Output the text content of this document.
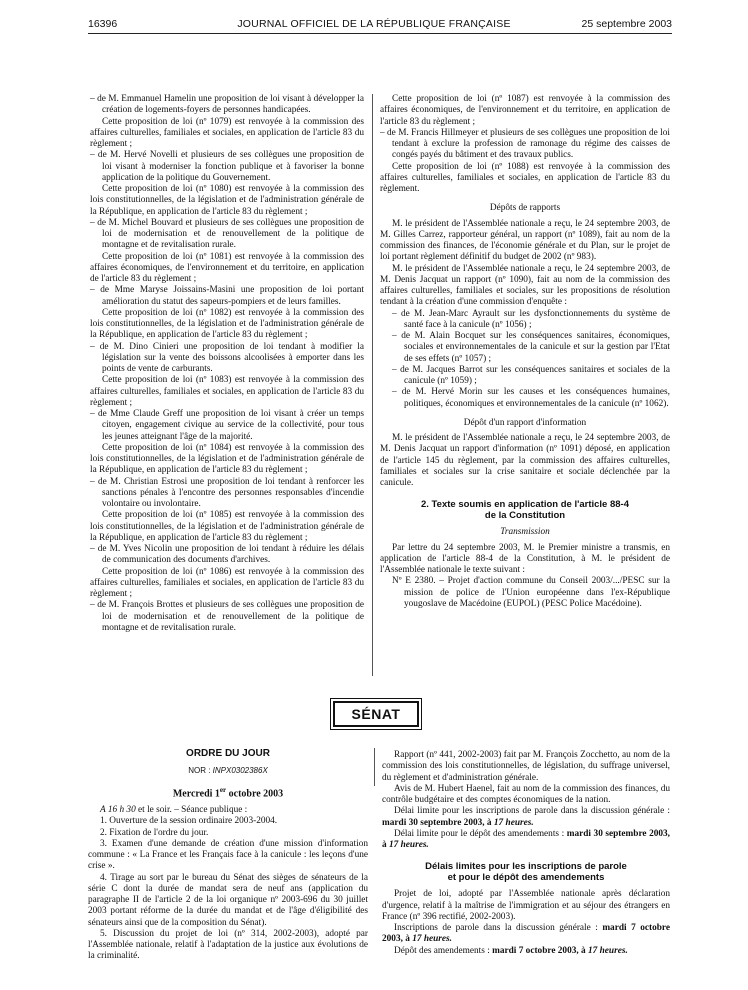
JOURNAL OFFICIEL DE LA RÉPUBLIQUE FRANÇAISE
16396	25 septembre 2003

– de M. Emmanuel Hamelin une proposition de loi visant à développer la création de logements-foyers de personnes handicapées.

Cette proposition de loi (nº 1079) est renvoyée à la commission des affaires culturelles, familiales et sociales, en application de l'article 83 du règlement ;

– de M. Hervé Novelli et plusieurs de ses collègues une proposition de loi visant à moderniser la fonction publique et à favoriser la bonne application de la politique du Gouvernement.

Cette proposition de loi (nº 1080) est renvoyée à la commission des lois constitutionnelles, de la législation et de l'administration générale de la République, en application de l'article 83 du règlement ;

– de M. Michel Bouvard et plusieurs de ses collègues une proposition de loi de modernisation et de renouvellement de la politique de montagne et de revitalisation rurale.

Cette proposition de loi (nº 1081) est renvoyée à la commission des affaires économiques, de l'environnement et du territoire, en application de l'article 83 du règlement ;

– de Mme Maryse Joissains-Masini une proposition de loi portant amélioration du statut des sapeurs-pompiers et de leurs familles.

Cette proposition de loi (nº 1082) est renvoyée à la commission des lois constitutionnelles, de la législation et de l'administration générale de la République, en application de l'article 83 du règlement ;

– de M. Dino Cinieri une proposition de loi tendant à modifier la législation sur la vente des boissons alcoolisées à emporter dans les points de vente de carburants.

Cette proposition de loi (nº 1083) est renvoyée à la commission des affaires culturelles, familiales et sociales, en application de l'article 83 du règlement ;

– de Mme Claude Greff une proposition de loi visant à créer un temps citoyen, engagement civique au service de la collectivité, pour tous les jeunes atteignant l'âge de la majorité.

Cette proposition de loi (nº 1084) est renvoyée à la commission des lois constitutionnelles, de la législation et de l'administration générale de la République, en application de l'article 83 du règlement ;

– de M. Christian Estrosi une proposition de loi tendant à renforcer les sanctions pénales à l'encontre des personnes responsables d'incendie volontaire ou involontaire.

Cette proposition de loi (nº 1085) est renvoyée à la commission des lois constitutionnelles, de la législation et de l'administration générale de la République, en application de l'article 83 du règlement ;

– de M. Yves Nicolin une proposition de loi tendant à réduire les délais de communication des documents d'archives.

Cette proposition de loi (nº 1086) est renvoyée à la commission des affaires culturelles, familiales et sociales, en application de l'article 83 du règlement ;

– de M. François Brottes et plusieurs de ses collègues une proposition de loi de modernisation et de renouvellement de la politique de montagne et de revitalisation rurale.

Cette proposition de loi (nº 1087) est renvoyée à la commission des affaires économiques, de l'environnement et du territoire, en application de l'article 83 du règlement ;

– de M. Francis Hillmeyer et plusieurs de ses collègues une proposition de loi tendant à exclure la profession de ramonage du régime des caisses de congés payés du bâtiment et des travaux publics.

Cette proposition de loi (nº 1088) est renvoyée à la commission des affaires culturelles, familiales et sociales, en application de l'article 83 du règlement.

Dépôts de rapports

M. le président de l'Assemblée nationale a reçu, le 24 septembre 2003, de M. Gilles Carrez, rapporteur général, un rapport (nº 1089), fait au nom de la commission des finances, de l'économie générale et du Plan, sur le projet de loi portant règlement définitif du budget de 2002 (nº 983).

M. le président de l'Assemblée nationale a reçu, le 24 septembre 2003, de M. Denis Jacquat un rapport (nº 1090), fait au nom de la commission des affaires culturelles, familiales et sociales, sur les propositions de résolution tendant à la création d'une commission d'enquête :

– de M. Jean-Marc Ayrault sur les dysfonctionnements du système de santé face à la canicule (nº 1056) ;

– de M. Alain Bocquet sur les conséquences sanitaires, économiques, sociales et environnementales de la canicule et sur la gestion par l'Etat de ses effets (nº 1057) ;

– de M. Jacques Barrot sur les conséquences sanitaires et sociales de la canicule (nº 1059) ;

– de M. Hervé Morin sur les causes et les conséquences humaines, politiques, économiques et environnementales de la canicule (nº 1062).

Dépôt d'un rapport d'information

M. le président de l'Assemblée nationale a reçu, le 24 septembre 2003, de M. Denis Jacquat un rapport d'information (nº 1091) déposé, en application de l'article 145 du règlement, par la commission des affaires culturelles, familiales et sociales sur la crise sanitaire et sociale déclenchée par la canicule.

2. Texte soumis en application de l'article 88-4
de la Constitution

Transmission

Par lettre du 24 septembre 2003, M. le Premier ministre a transmis, en application de l'article 88-4 de la Constitution, à M. le président de l'Assemblée nationale le texte suivant :

Nº E 2380. – Projet d'action commune du Conseil 2003/.../PESC sur la mission de police de l'Union européenne dans l'ex-République yougoslave de Macédoine (EUPOL) (PESC Police Macédoine).

SÉNAT

ORDRE DU JOUR

NOR : INPX0302386X

Mercredi 1er octobre 2003

A 16 h 30 et le soir. – Séance publique :

1. Ouverture de la session ordinaire 2003-2004.

2. Fixation de l'ordre du jour.

3. Examen d'une demande de création d'une mission d'information commune : « La France et les Français face à la canicule : les leçons d'une crise ».

4. Tirage au sort par le bureau du Sénat des sièges de sénateurs de la série C dont la durée de mandat sera de neuf ans (application du paragraphe II de l'article 2 de la loi organique nº 2003-696 du 30 juillet 2003 portant réforme de la durée du mandat et de l'âge d'éligibilité des sénateurs ainsi que de la composition du Sénat).

5. Discussion du projet de loi (nº 314, 2002-2003), adopté par l'Assemblée nationale, relatif à l'adaptation de la justice aux évolutions de la criminalité.

Rapport (nº 441, 2002-2003) fait par M. François Zocchetto, au nom de la commission des lois constitutionnelles, de législation, du suffrage universel, du règlement et d'administration générale.

Avis de M. Hubert Haenel, fait au nom de la commission des finances, du contrôle budgétaire et des comptes économiques de la nation.

Délai limite pour les inscriptions de parole dans la discussion générale : mardi 30 septembre 2003, à 17 heures.

Délai limite pour le dépôt des amendements : mardi 30 septembre 2003, à 17 heures.

Délais limites pour les inscriptions de parole
et pour le dépôt des amendements

Projet de loi, adopté par l'Assemblée nationale après déclaration d'urgence, relatif à la maîtrise de l'immigration et au séjour des étrangers en France (nº 396 rectifié, 2002-2003).

Inscriptions de parole dans la discussion générale : mardi 7 octobre 2003, à 17 heures.

Dépôt des amendements : mardi 7 octobre 2003, à 17 heures.
